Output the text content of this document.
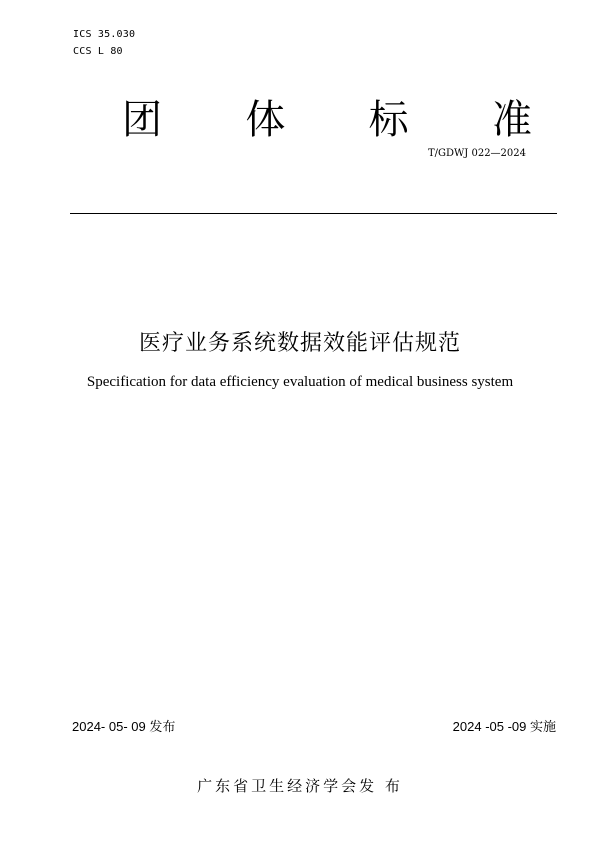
ICS 35.030
CCS L 80
团 体 标 准
T/GDWJ 022—2024
医疗业务系统数据效能评估规范
Specification for data efficiency evaluation of medical business system
2024- 05- 09 发布	2024 -05 -09 实施
广东省卫生经济学会发 布
